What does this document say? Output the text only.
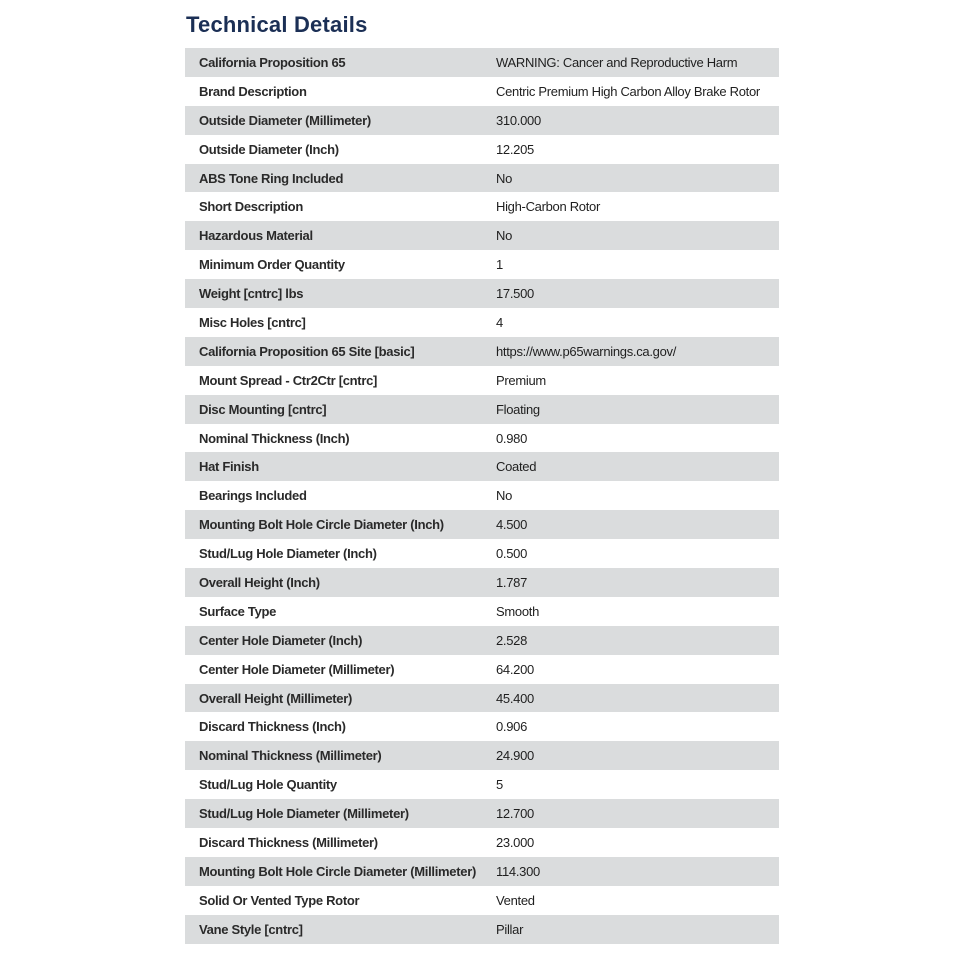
Technical Details
California Proposition 65	WARNING: Cancer and Reproductive Harm
Brand Description	Centric Premium High Carbon Alloy Brake Rotor
Outside Diameter (Millimeter)	310.000
Outside Diameter (Inch)	12.205
ABS Tone Ring Included	No
Short Description	High-Carbon Rotor
Hazardous Material	No
Minimum Order Quantity	1
Weight [cntrc] lbs	17.500
Misc Holes [cntrc]	4
California Proposition 65 Site [basic]	https://www.p65warnings.ca.gov/
Mount Spread - Ctr2Ctr [cntrc]	Premium
Disc Mounting [cntrc]	Floating
Nominal Thickness (Inch)	0.980
Hat Finish	Coated
Bearings Included	No
Mounting Bolt Hole Circle Diameter (Inch)	4.500
Stud/Lug Hole Diameter (Inch)	0.500
Overall Height (Inch)	1.787
Surface Type	Smooth
Center Hole Diameter (Inch)	2.528
Center Hole Diameter (Millimeter)	64.200
Overall Height (Millimeter)	45.400
Discard Thickness (Inch)	0.906
Nominal Thickness (Millimeter)	24.900
Stud/Lug Hole Quantity	5
Stud/Lug Hole Diameter (Millimeter)	12.700
Discard Thickness (Millimeter)	23.000
Mounting Bolt Hole Circle Diameter (Millimeter)	114.300
Solid Or Vented Type Rotor	Vented
Vane Style [cntrc]	Pillar
